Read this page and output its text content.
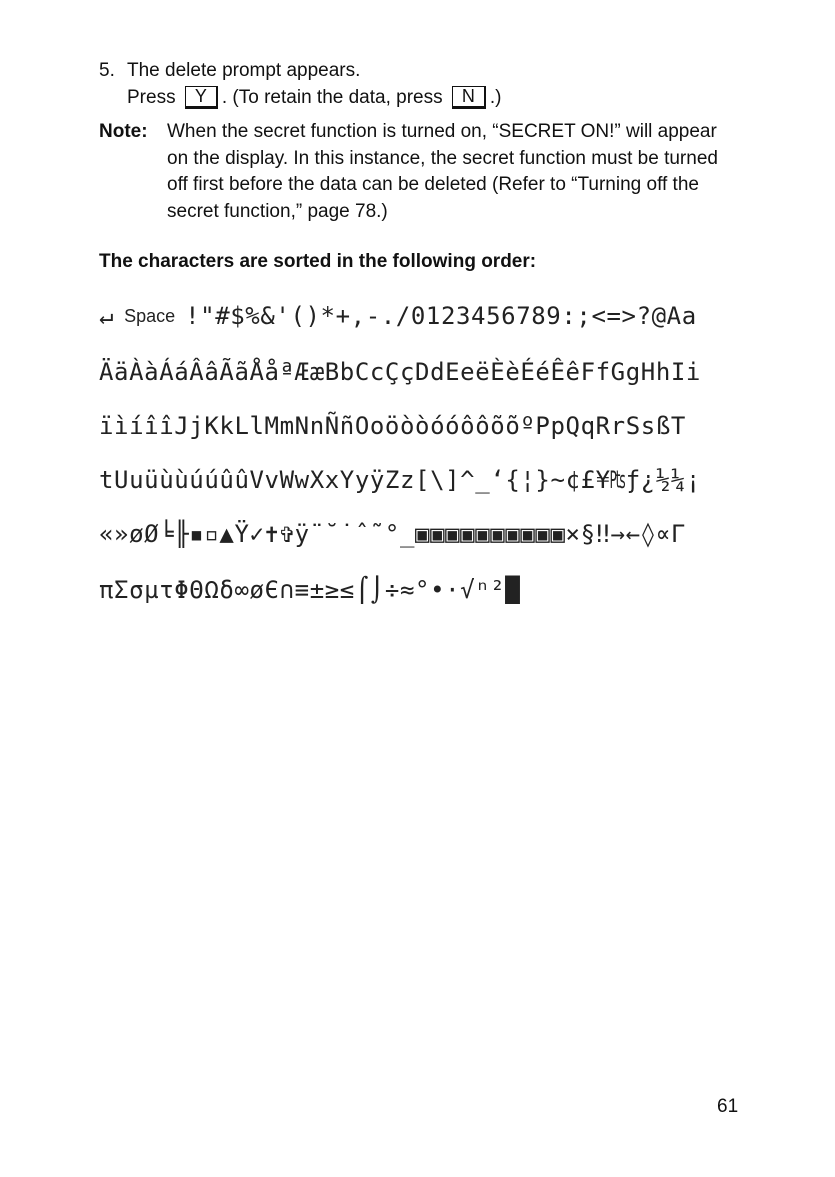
5. The delete prompt appears.
Press Y . (To retain the data, press N .)
Note: When the secret function is turned on, “SECRET ON!” will appear on the display. In this instance, the secret function must be turned off first before the data can be deleted (Refer to “Turning off the secret function,” page 78.)
The characters are sorted in the following order:
↵ Space !"#$%&'()*+,-./0123456789:;<=>?@Aa
ÄäÀàÁáÂâÃãÅåªÆæBbCcÇçDdEeëÈèÉéÊêFfGgHhIi
ïìíîîJjKkLlMmNnÑñOoöòòóóôôõõºPpQqRrSsßT
tUuüùùúúûûVvWwXxYyÿZz[\]^_‘{¦}~¢£¥₧ƒ¿½¼¡
«»øØ╘╟▪▫▲Ÿ✓✝✞ÿ¨˘˙ˆ˜°_▣▣▣▣▣▣▣▣▣▣×§‼→←◊∝Γ
πΣσµτΦΘΩδ∞øЄ∩≡±≥≤⌠⌡÷≈°•·√ⁿ²█
61
